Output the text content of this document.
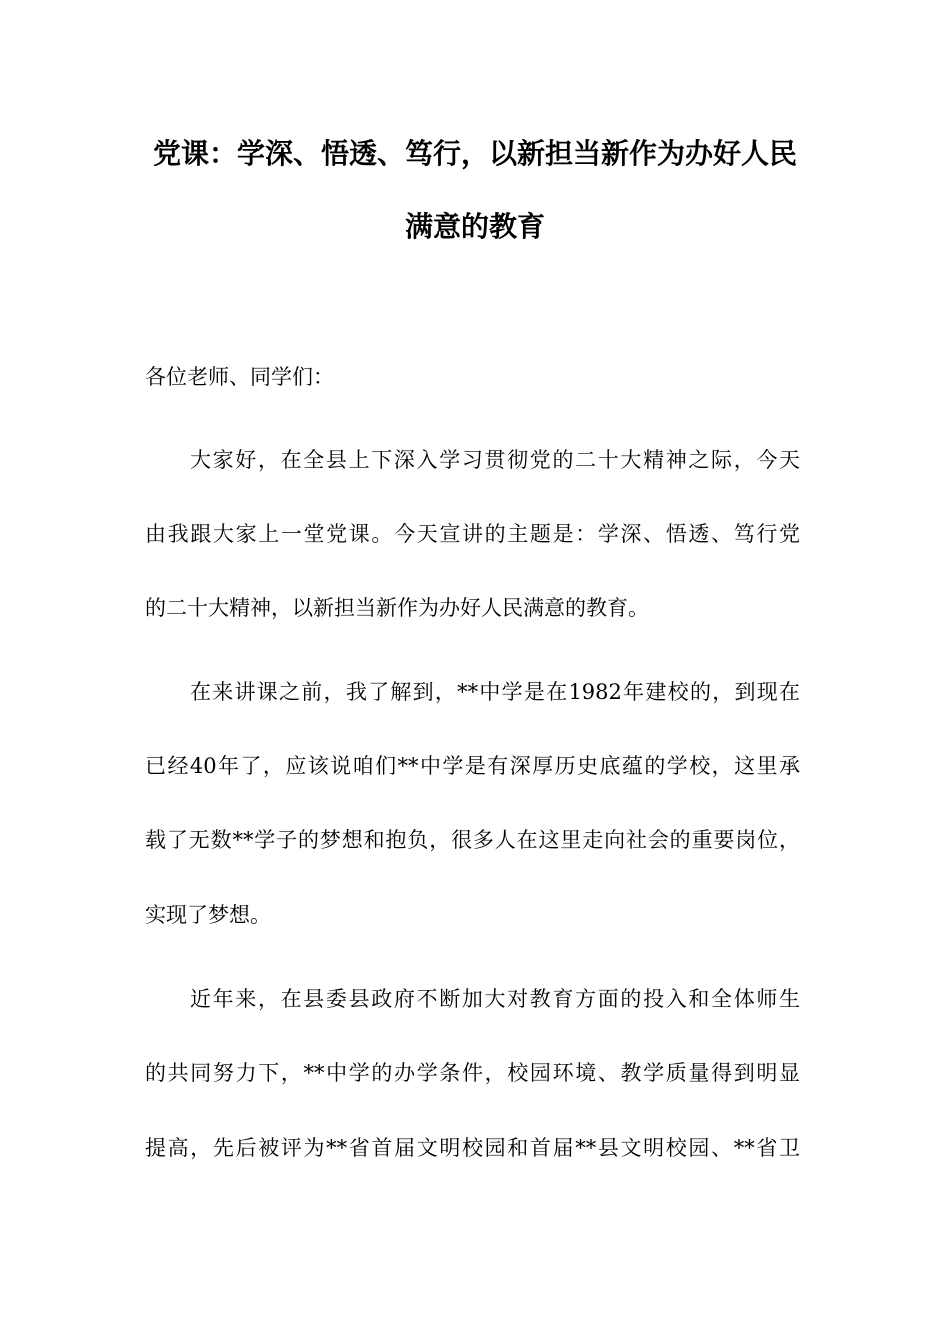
党课：学深、悟透、笃行，以新担当新作为办好人民
满意的教育
各位老师、同学们：
大家好，在全县上下深入学习贯彻党的二十大精神之际，今天
由我跟大家上一堂党课。今天宣讲的主题是：学深、悟透、笃行党
的二十大精神，以新担当新作为办好人民满意的教育。
在来讲课之前，我了解到，**中学是在1982年建校的，到现在
已经40年了，应该说咱们**中学是有深厚历史底蕴的学校，这里承
载了无数**学子的梦想和抱负，很多人在这里走向社会的重要岗位，
实现了梦想。
近年来，在县委县政府不断加大对教育方面的投入和全体师生
的共同努力下，**中学的办学条件，校园环境、教学质量得到明显
提高，先后被评为**省首届文明校园和首届**县文明校园、**省卫
